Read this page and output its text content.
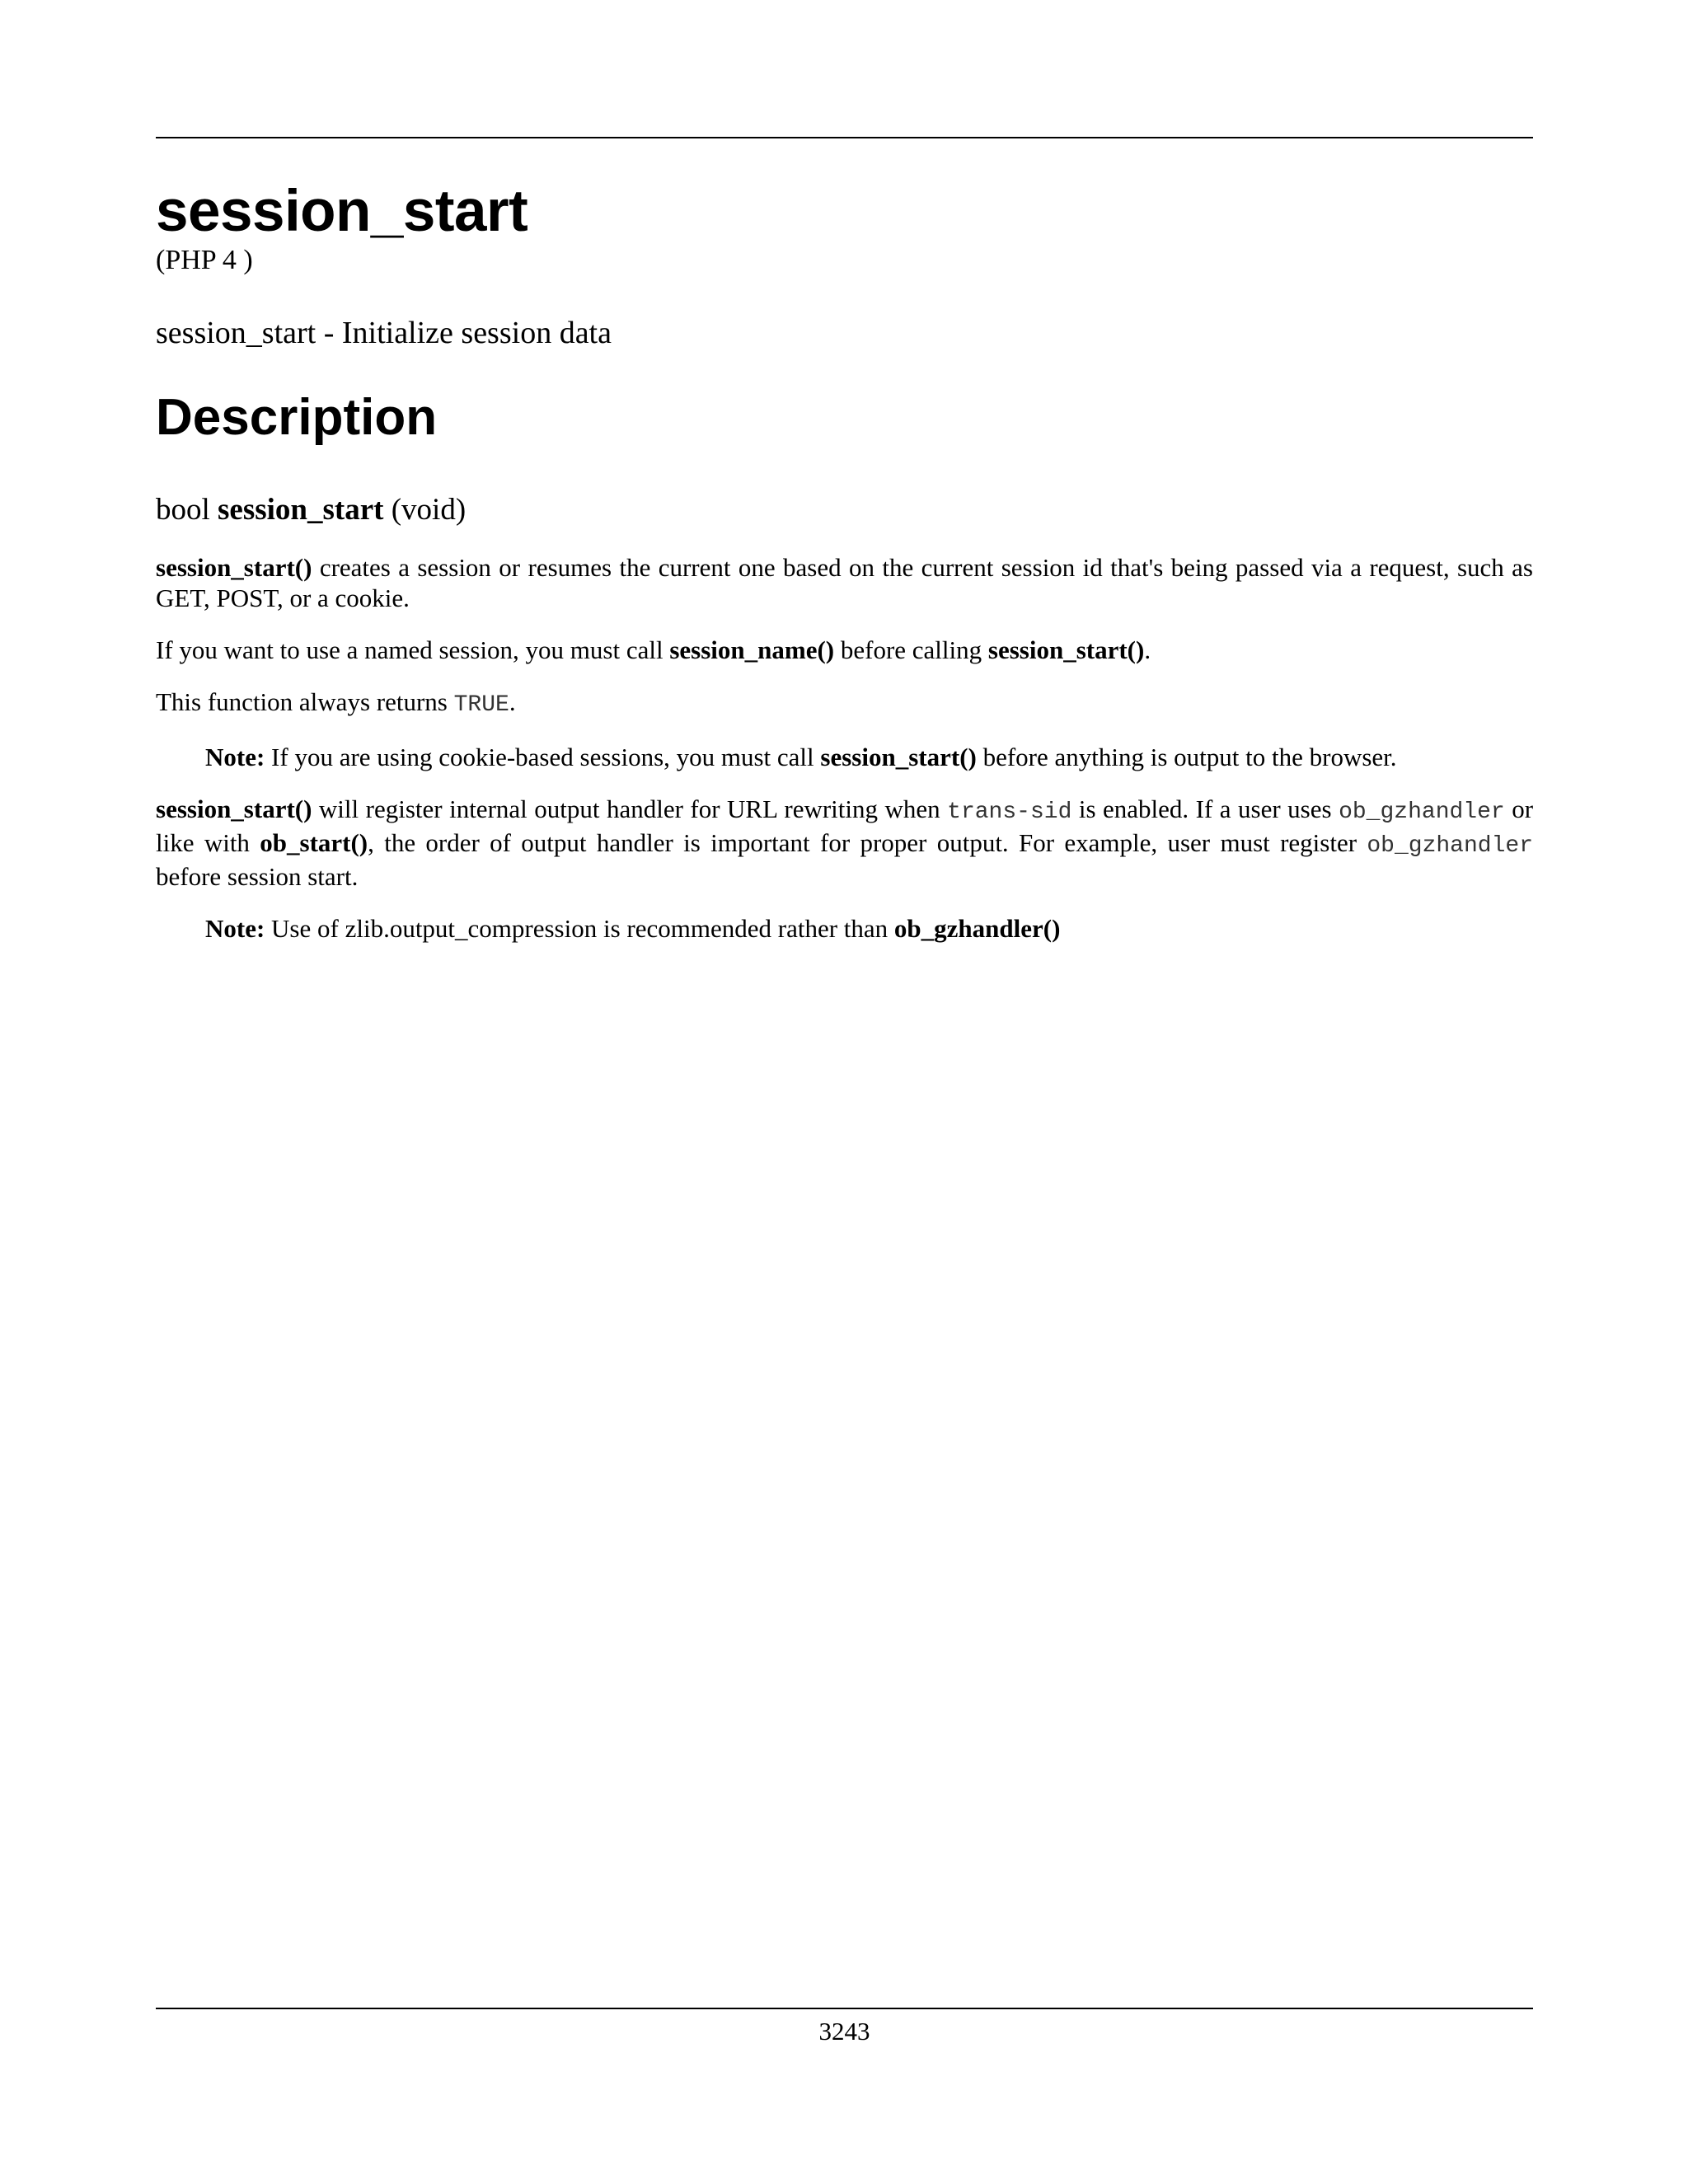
session_start
(PHP 4 )
session_start - Initialize session data
Description
bool session_start (void)

session_start() creates a session or resumes the current one based on the current session id that's being passed via a request, such as GET, POST, or a cookie.

If you want to use a named session, you must call session_name() before calling session_start().

This function always returns TRUE.

Note: If you are using cookie-based sessions, you must call session_start() before anything is output to the browser.

session_start() will register internal output handler for URL rewriting when trans-sid is enabled. If a user uses ob_gzhandler or like with ob_start(), the order of output handler is important for proper output. For example, user must register ob_gzhandler before session start.

Note: Use of zlib.output_compression is recommended rather than ob_gzhandler()
3243
